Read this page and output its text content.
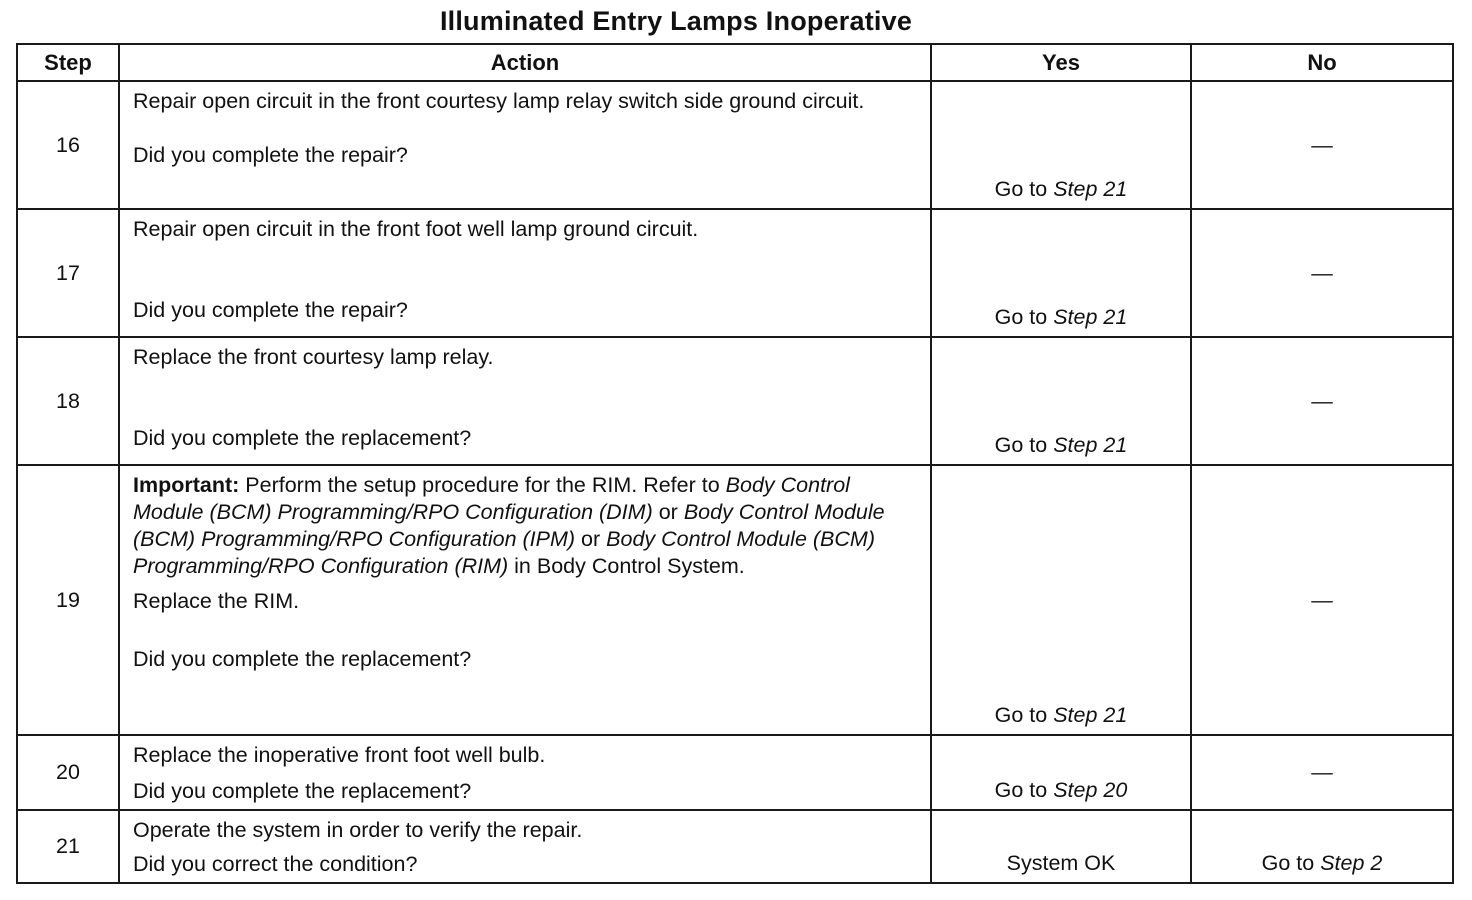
Illuminated Entry Lamps Inoperative
Step	Action	Yes	No
16	Repair open circuit in the front courtesy lamp relay switch side ground circuit.
Did you complete the repair?	Go to Step 21	—
17	Repair open circuit in the front foot well lamp ground circuit.
Did you complete the repair?	Go to Step 21	—
18	Replace the front courtesy lamp relay.
Did you complete the replacement?	Go to Step 21	—
19	Important: Perform the setup procedure for the RIM. Refer to Body Control Module (BCM) Programming/RPO Configuration (DIM) or Body Control Module (BCM) Programming/RPO Configuration (IPM) or Body Control Module (BCM) Programming/RPO Configuration (RIM) in Body Control System.
Replace the RIM.
Did you complete the replacement?	Go to Step 21	—
20	Replace the inoperative front foot well bulb.
Did you complete the replacement?	Go to Step 20	—
21	Operate the system in order to verify the repair.
Did you correct the condition?	System OK	Go to Step 2
